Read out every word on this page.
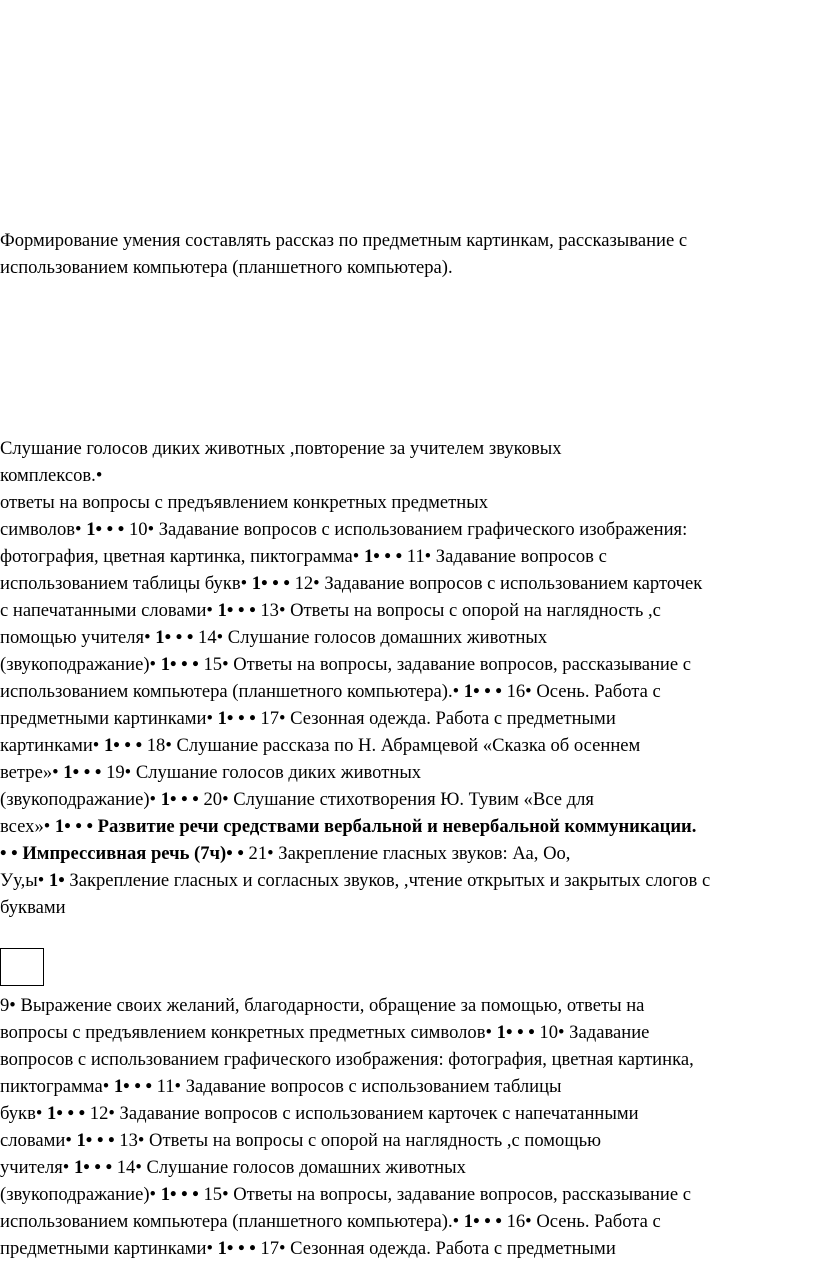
Формирование умения составлять рассказ по предметным картинкам, рассказывание с
использованием компьютера (планшетного компьютера).
Слушание голосов диких животных ,повторение за учителем звуковых
комплексов.•
ответы на вопросы с предъявлением конкретных предметных
символов• 1• • • 10• Задавание вопросов с использованием графического изображения:
фотография, цветная картинка, пиктограмма• 1• • • 11• Задавание вопросов с
использованием таблицы букв• 1• • • 12• Задавание вопросов с использованием карточек
с напечатанными словами• 1• • • 13• Ответы на вопросы с опорой на наглядность ,с
помощью учителя• 1• • • 14• Слушание голосов домашних животных
(звукоподражание)• 1• • • 15• Ответы на вопросы, задавание вопросов, рассказывание с
использованием компьютера (планшетного компьютера).• 1• • • 16• Осень. Работа с
предметными картинками• 1• • • 17• Сезонная одежда. Работа с предметными
картинками• 1• • • 18• Слушание рассказа по Н. Абрамцевой «Сказка об осеннем
ветре»• 1• • • 19• Слушание голосов диких животных
(звукоподражание)• 1• • • 20• Слушание стихотворения Ю. Тувим «Все для
всех»• 1• • • Развитие речи средствами вербальной и невербальной коммуникации.
• • Импрессивная речь (7ч)• • 21• Закрепление гласных звуков: Аа, Оо,
Уу,ы• 1• Закрепление гласных и согласных звуков, ,чтение открытых и закрытых слогов с
буквами
9• Выражение своих желаний, благодарности, обращение за помощью, ответы на
вопросы с предъявлением конкретных предметных символов• 1• • • 10• Задавание
вопросов с использованием графического изображения: фотография, цветная картинка,
пиктограмма• 1• • • 11• Задавание вопросов с использованием таблицы
букв• 1• • • 12• Задавание вопросов с использованием карточек с напечатанными
словами• 1• • • 13• Ответы на вопросы с опорой на наглядность ,с помощью
учителя• 1• • • 14• Слушание голосов домашних животных
(звукоподражание)• 1• • • 15• Ответы на вопросы, задавание вопросов, рассказывание с
использованием компьютера (планшетного компьютера).• 1• • • 16• Осень. Работа с
предметными картинками• 1• • • 17• Сезонная одежда. Работа с предметными
